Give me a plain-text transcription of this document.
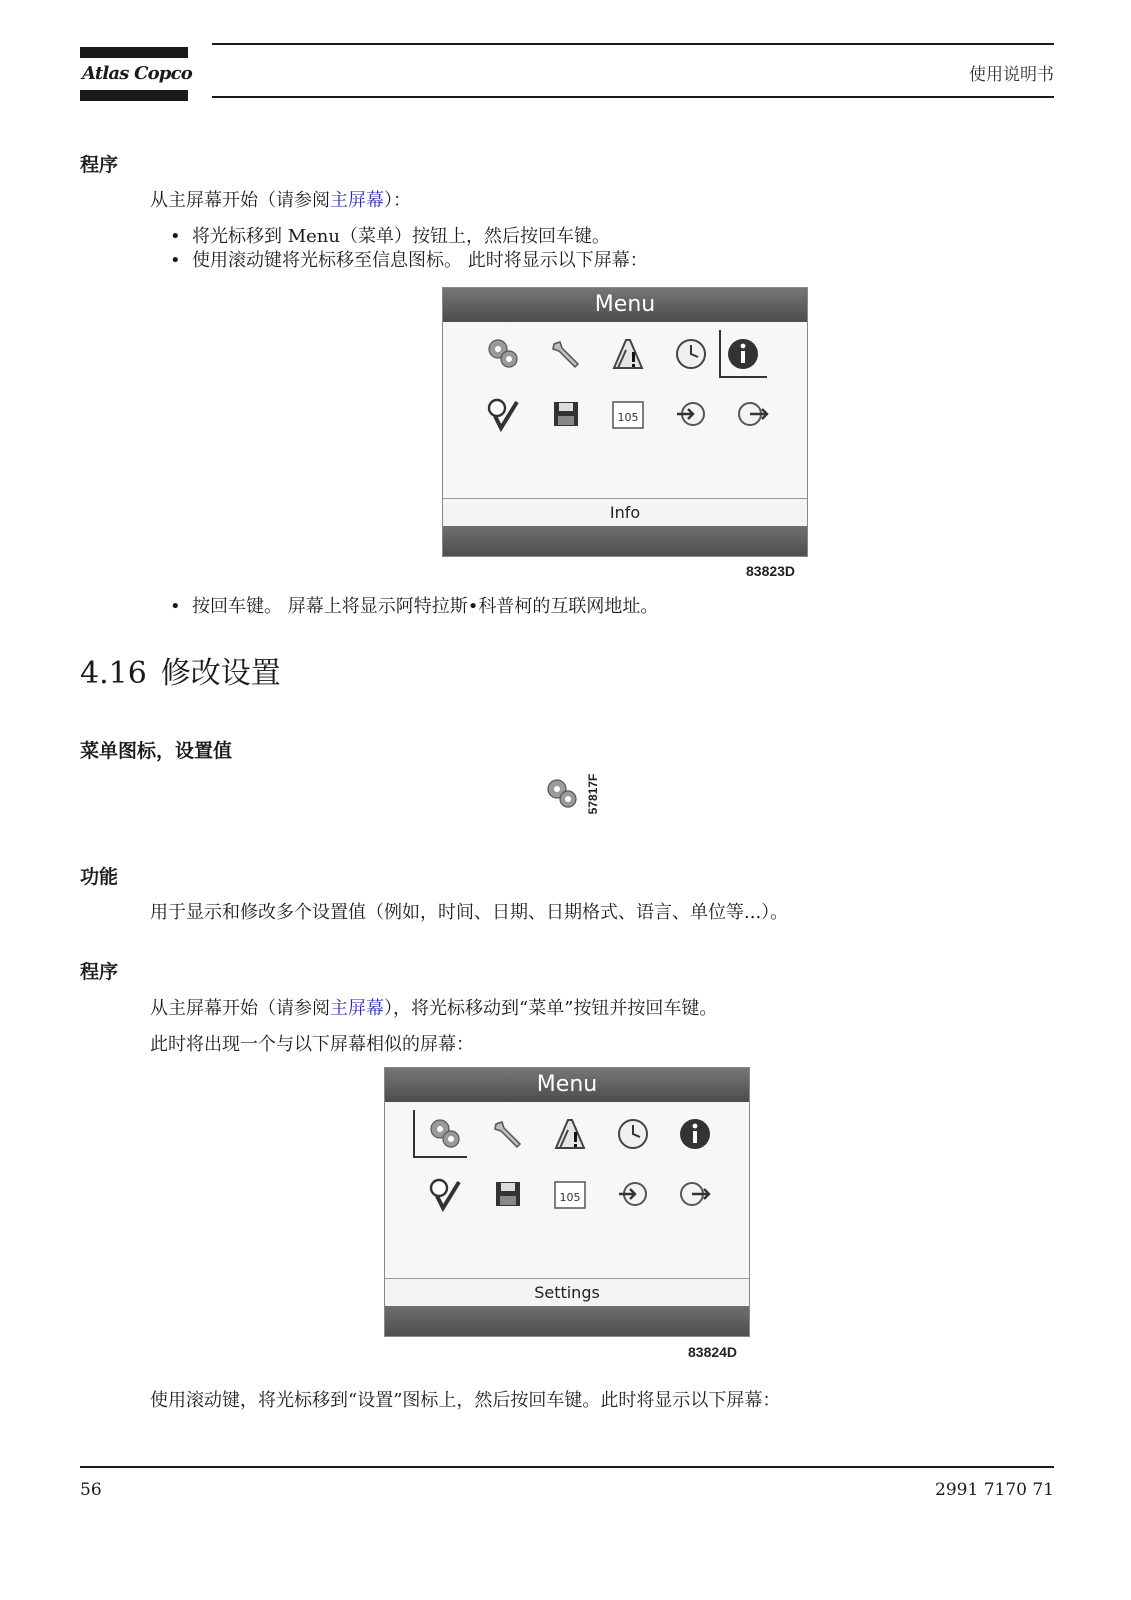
Atlas Copco	使用说明书
程序
从主屏幕开始（请参阅主屏幕）：
• 将光标移到 Menu（菜单）按钮上，然后按回车键。
• 使用滚动键将光标移至信息图标。 此时将显示以下屏幕：
Menu
105
Info
83823D
• 按回车键。 屏幕上将显示阿特拉斯•科普柯的互联网地址。
4.16 修改设置
菜单图标，设置值
57817F
功能
用于显示和修改多个设置值（例如，时间、日期、日期格式、语言、单位等...）。
程序
从主屏幕开始（请参阅主屏幕），将光标移动到“菜单”按钮并按回车键。
此时将出现一个与以下屏幕相似的屏幕：
Menu
105
Settings
83824D
使用滚动键，将光标移到“设置”图标上，然后按回车键。此时将显示以下屏幕：
56	2991 7170 71
